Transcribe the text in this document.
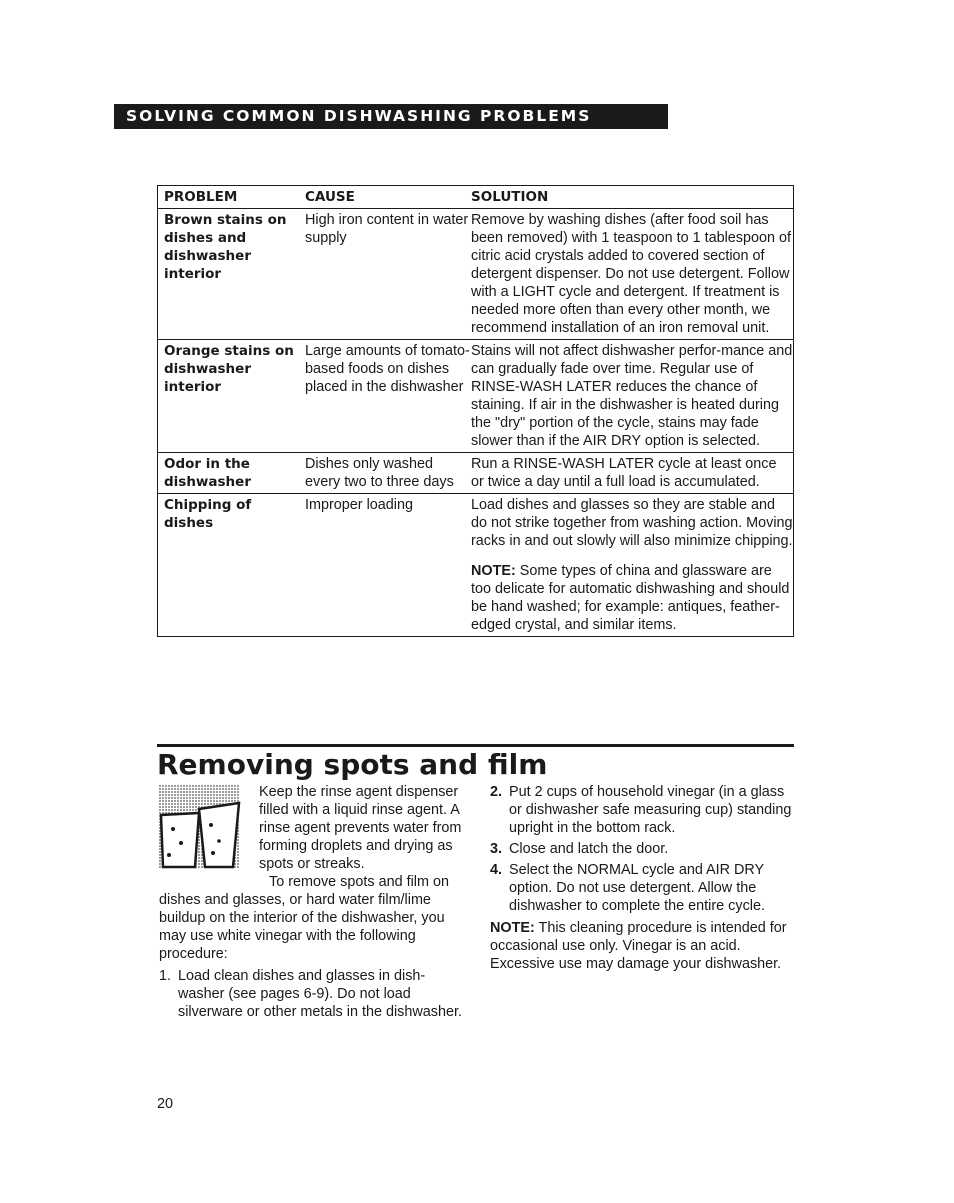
SOLVING COMMON DISHWASHING PROBLEMS
PROBLEM	CAUSE	SOLUTION
Brown stains on dishes and dishwasher interior	High iron content in water supply	Remove by washing dishes (after food soil has been removed) with 1 teaspoon to 1 tablespoon of citric acid crystals added to covered section of detergent dispenser. Do not use detergent. Follow with a LIGHT cycle and detergent. If treatment is needed more often than every other month, we recommend installation of an iron removal unit.

Orange stains on dishwasher interior	Large amounts of tomato-based foods on dishes placed in the dishwasher	Stains will not affect dishwasher perfor-mance and can gradually fade over time. Regular use of RINSE-WASH LATER reduces the chance of staining. If air in the dishwasher is heated during the "dry" portion of the cycle, stains may fade slower than if the AIR DRY option is selected.

Odor in the dishwasher	Dishes only washed every two to three days	Run a RINSE-WASH LATER cycle at least once or twice a day until a full load is accumulated.

Chipping of dishes	Improper loading	Load dishes and glasses so they are stable and do not strike together from washing action. Moving racks in and out slowly will also minimize chipping.

NOTE: Some types of china and glassware are too delicate for automatic dishwashing and should be hand washed; for example: antiques, feather-edged crystal, and similar items.

Removing spots and film

Keep the rinse agent dispenser filled with a liquid rinse agent. A rinse agent prevents water from forming droplets and drying as spots or streaks.

To remove spots and film on dishes and glasses, or hard water film/lime buildup on the interior of the dishwasher, you may use white vinegar with the following procedure:

1. Load clean dishes and glasses in dish-washer (see pages 6-9). Do not load silverware or other metals in the dishwasher.
2. Put 2 cups of household vinegar (in a glass or dishwasher safe measuring cup) standing upright in the bottom rack.
3. Close and latch the door.
4. Select the NORMAL cycle and AIR DRY option. Do not use detergent. Allow the dishwasher to complete the entire cycle.

NOTE: This cleaning procedure is intended for occasional use only. Vinegar is an acid. Excessive use may damage your dishwasher.

20
